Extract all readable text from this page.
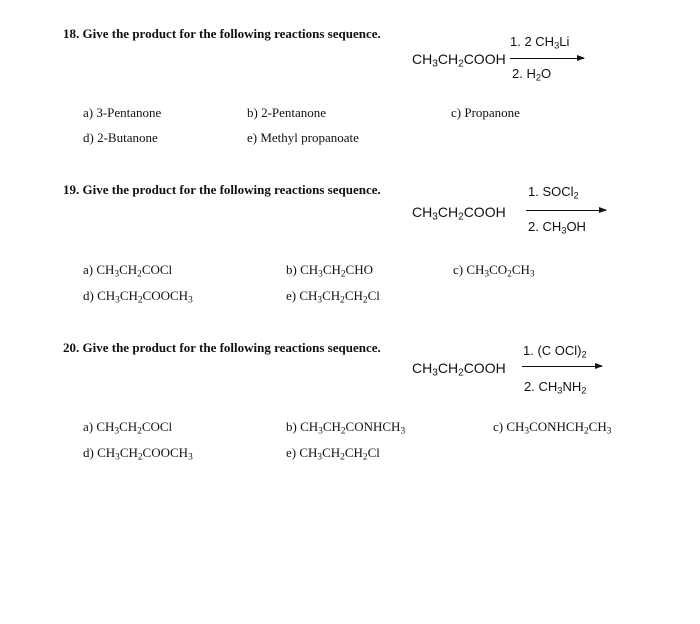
18. Give the product for the following reactions sequence.
1. 2 $CH_3Li$
$CH_3CH_2COOH$
2. $H_2O$
a) 3-Pentanone	b) 2-Pentanone	c) Propanone
d) 2-Butanone	e) Methyl propanoate
19. Give the product for the following reactions sequence.	1. SOCl$_2$
$CH_3CH_2COOH$
2. $CH_3OH$
a) $CH_3CH_2COCl$	b) $CH_3CH_2CHO$	c) $CH_3CO_2CH_3$
d) $CH_3CH_2COOCH_3$	e) $CH_3CH_2CH_2Cl$
20. Give the product for the following reactions sequence.	1. (C $OCl)_2$
$CH_3CH_2COOH$
2. $CH_3NH_2$
a) $CH_3CH_2COCl$	b) $CH_3CH_2CONHCH_3$	c) $CH_3CONHCH_2CH_3$
d) $CH_3CH_2COOCH_3$	e) $CH_3CH_2CH_2Cl$
